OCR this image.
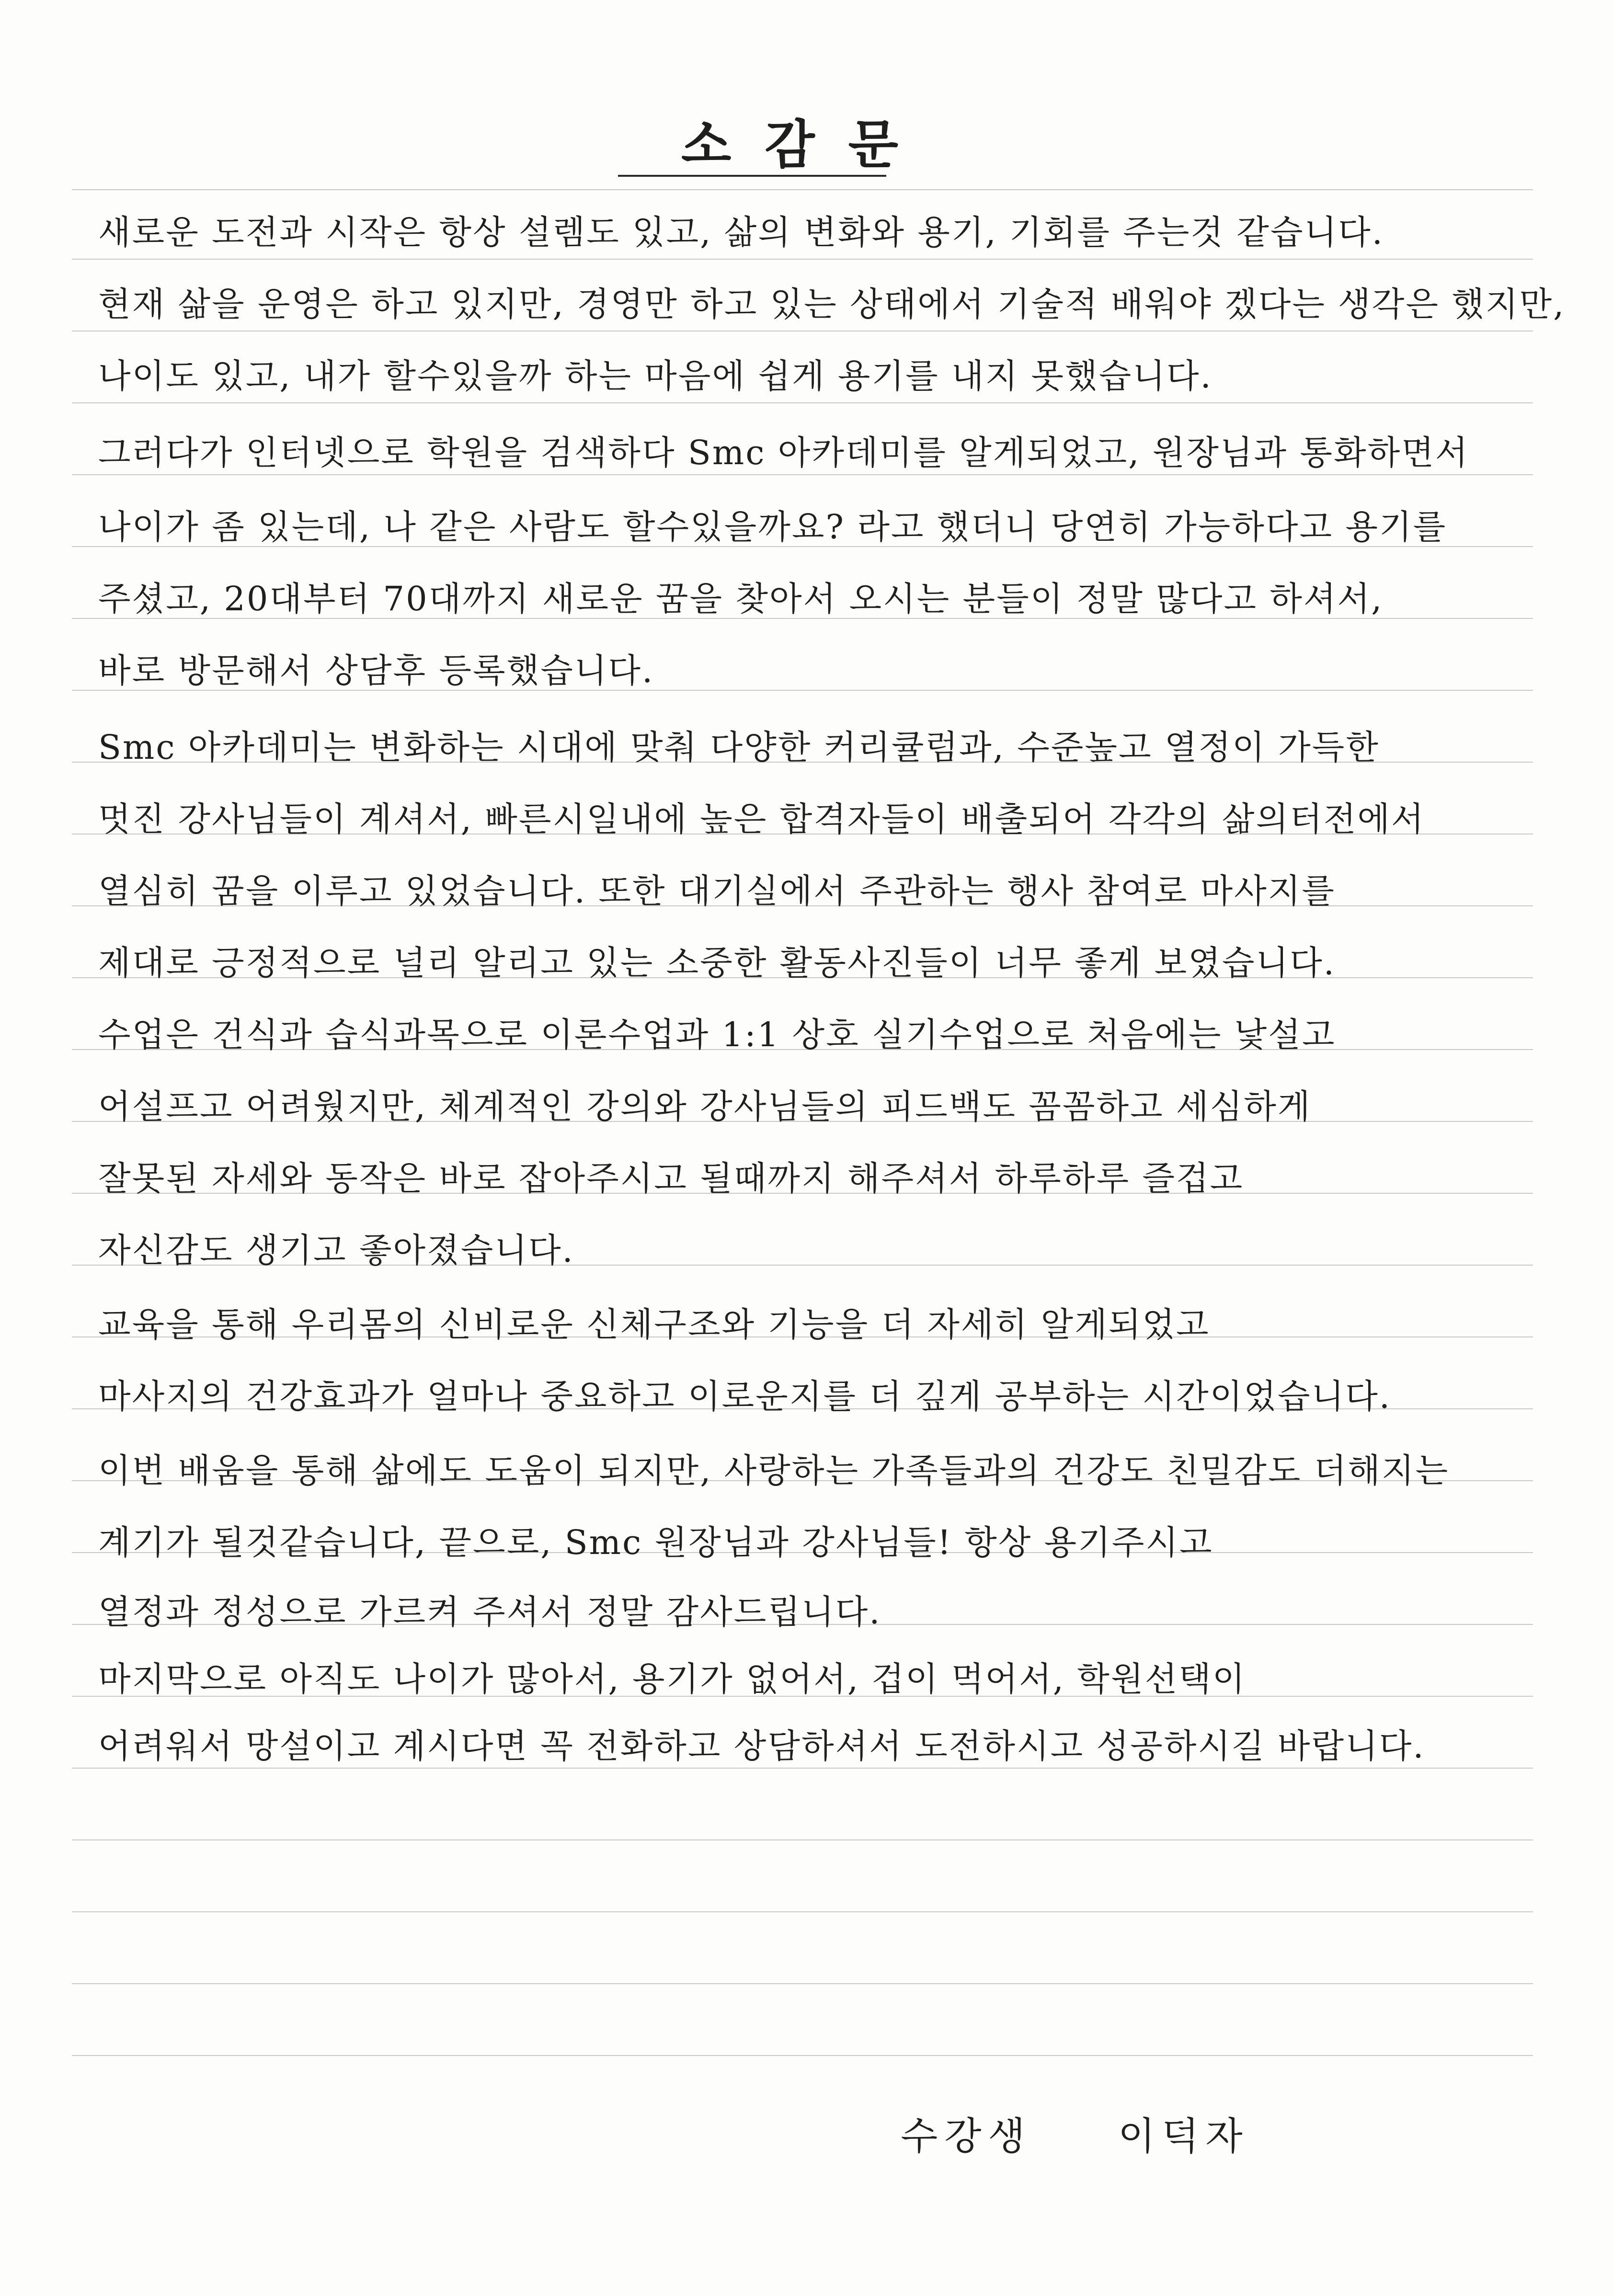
소감문
새로운 도전과 시작은 항상 설렘도 있고, 삶의 변화와 용기, 기회를 주는것 같습니다.
현재 삶을 운영은 하고 있지만, 경영만 하고 있는 상태에서 기술적 배워야 겠다는 생각은 했지만,
나이도 있고, 내가 할수있을까 하는 마음에 쉽게 용기를 내지 못했습니다.
그러다가 인터넷으로 학원을 검색하다 Smc 아카데미를 알게되었고, 원장님과 통화하면서
나이가 좀 있는데, 나 같은 사람도 할수있을까요? 라고 했더니 당연히 가능하다고 용기를
주셨고, 20대부터 70대까지 새로운 꿈을 찾아서 오시는 분들이 정말 많다고 하셔서,
바로 방문해서 상담후 등록했습니다.
Smc 아카데미는 변화하는 시대에 맞춰 다양한 커리큘럼과, 수준높고 열정이 가득한
멋진 강사님들이 계셔서, 빠른시일내에 높은 합격자들이 배출되어 각각의 삶의터전에서
열심히 꿈을 이루고 있었습니다. 또한 대기실에서 주관하는 행사 참여로 마사지를
제대로 긍정적으로 널리 알리고 있는 소중한 활동사진들이 너무 좋게 보였습니다.
수업은 건식과 습식과목으로 이론수업과 1:1 상호 실기수업으로 처음에는 낯설고
어설프고 어려웠지만, 체계적인 강의와 강사님들의 피드백도 꼼꼼하고 세심하게
잘못된 자세와 동작은 바로 잡아주시고 될때까지 해주셔서 하루하루 즐겁고
자신감도 생기고 좋아졌습니다.
교육을 통해 우리몸의 신비로운 신체구조와 기능을 더 자세히 알게되었고
마사지의 건강효과가 얼마나 중요하고 이로운지를 더 깊게 공부하는 시간이었습니다.
이번 배움을 통해 삶에도 도움이 되지만, 사랑하는 가족들과의 건강도 친밀감도 더해지는
계기가 될것같습니다, 끝으로, Smc 원장님과 강사님들! 항상 용기주시고
열정과 정성으로 가르켜 주셔서 정말 감사드립니다.
마지막으로 아직도 나이가 많아서, 용기가 없어서, 겁이 먹어서, 학원선택이
어려워서 망설이고 계시다면 꼭 전화하고 상담하셔서 도전하시고 성공하시길 바랍니다.
수강생 이덕자
